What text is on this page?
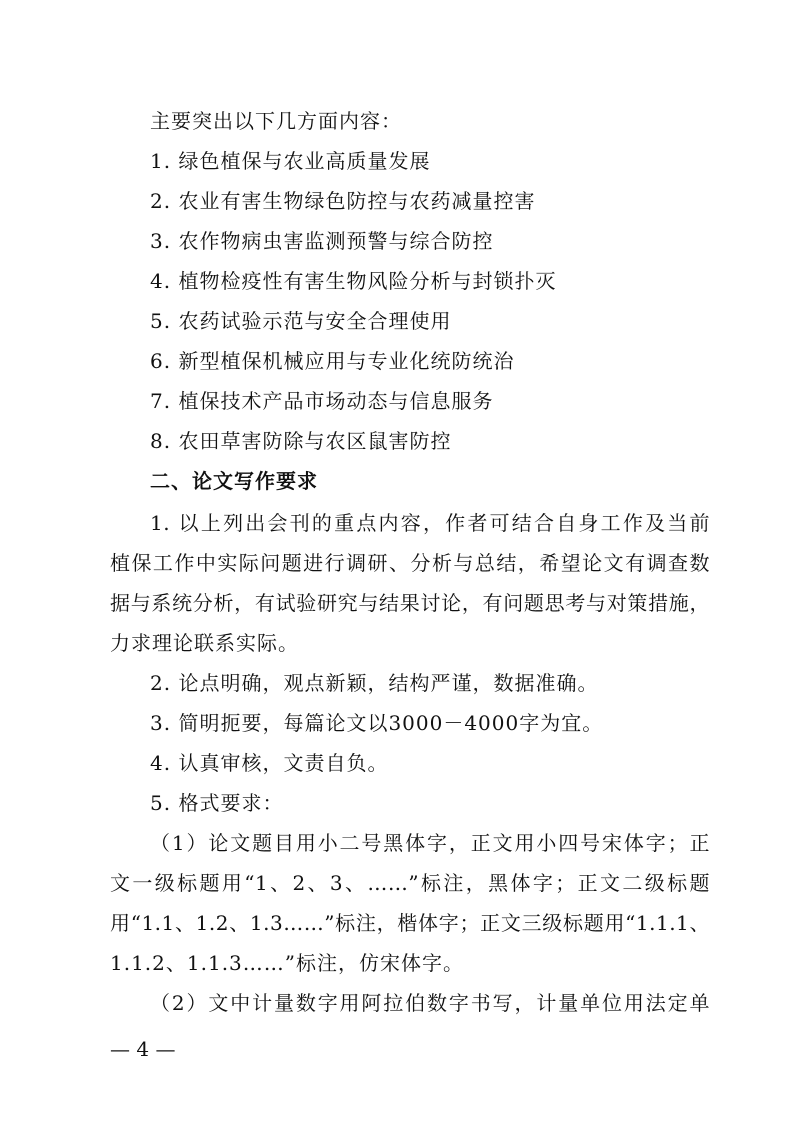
主要突出以下几方面内容：
1. 绿色植保与农业高质量发展
2. 农业有害生物绿色防控与农药减量控害
3. 农作物病虫害监测预警与综合防控
4. 植物检疫性有害生物风险分析与封锁扑灭
5. 农药试验示范与安全合理使用
6. 新型植保机械应用与专业化统防统治
7. 植保技术产品市场动态与信息服务
8. 农田草害防除与农区鼠害防控
二、论文写作要求
1. 以上列出会刊的重点内容，作者可结合自身工作及当前
植保工作中实际问题进行调研、分析与总结，希望论文有调查数
据与系统分析，有试验研究与结果讨论，有问题思考与对策措施，
力求理论联系实际。
2. 论点明确，观点新颖，结构严谨，数据准确。
3. 简明扼要，每篇论文以3000－4000字为宜。
4. 认真审核，文责自负。
5. 格式要求：
（1）论文题目用小二号黑体字，正文用小四号宋体字；正
文一级标题用“1、2、3、……”标注，黑体字；正文二级标题
用“1.1、1.2、1.3……”标注，楷体字；正文三级标题用“1.1.1、
1.1.2、1.1.3……”标注，仿宋体字。
（2）文中计量数字用阿拉伯数字书写，计量单位用法定单
— 4 —
